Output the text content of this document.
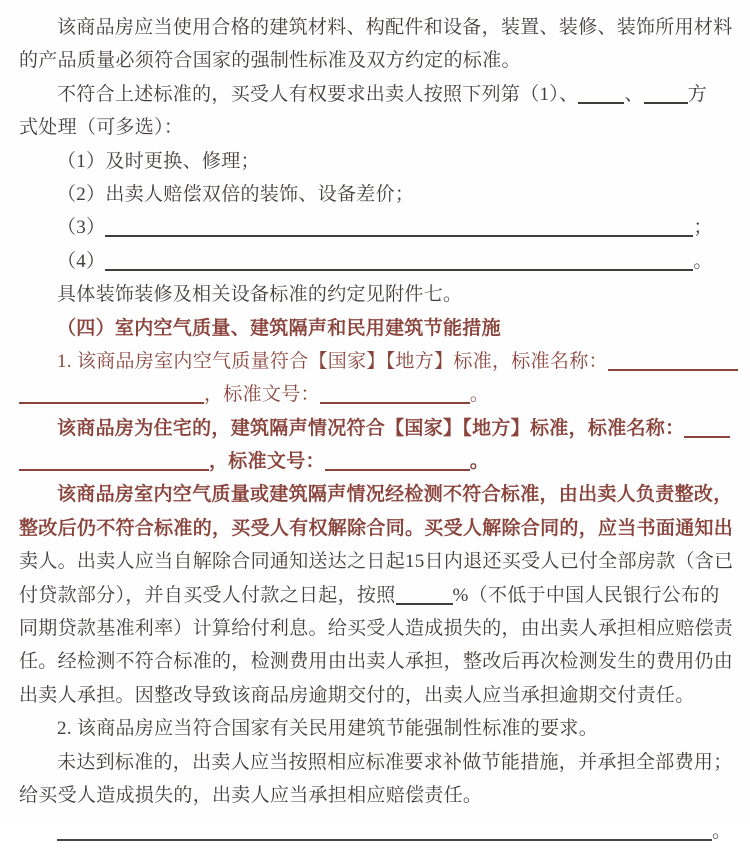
该商品房应当使用合格的建筑材料、构配件和设备，装置、装修、装饰所用材料
的产品质量必须符合国家的强制性标准及双方约定的标准。
不符合上述标准的，买受人有权要求出卖人按照下列第（1）、 、 方
式处理（可多选）：
（1）及时更换、修理；
（2）出卖人赔偿双倍的装饰、设备差价；
（3）	；
（4）	。
具体装饰装修及相关设备标准的约定见附件七。
（四）室内空气质量、建筑隔声和民用建筑节能措施
1. 该商品房室内空气质量符合【国家】【地方】标准，标准名称：
，标准文号：	。
该商品房为住宅的，建筑隔声情况符合【国家】【地方】标准，标准名称：
，标准文号：	。
该商品房室内空气质量或建筑隔声情况经检测不符合标准，由出卖人负责整改，
整改后仍不符合标准的，买受人有权解除合同。买受人解除合同的，应当书面通知出
卖人。出卖人应当自解除合同通知送达之日起15日内退还买受人已付全部房款（含已
付贷款部分），并自买受人付款之日起，按照	%（不低于中国人民银行公布的
同期贷款基准利率）计算给付利息。给买受人造成损失的，由出卖人承担相应赔偿责
任。经检测不符合标准的，检测费用由出卖人承担，整改后再次检测发生的费用仍由
出卖人承担。因整改导致该商品房逾期交付的，出卖人应当承担逾期交付责任。
2. 该商品房应当符合国家有关民用建筑节能强制性标准的要求。
未达到标准的，出卖人应当按照相应标准要求补做节能措施，并承担全部费用；
给买受人造成损失的，出卖人应当承担相应赔偿责任。
。
